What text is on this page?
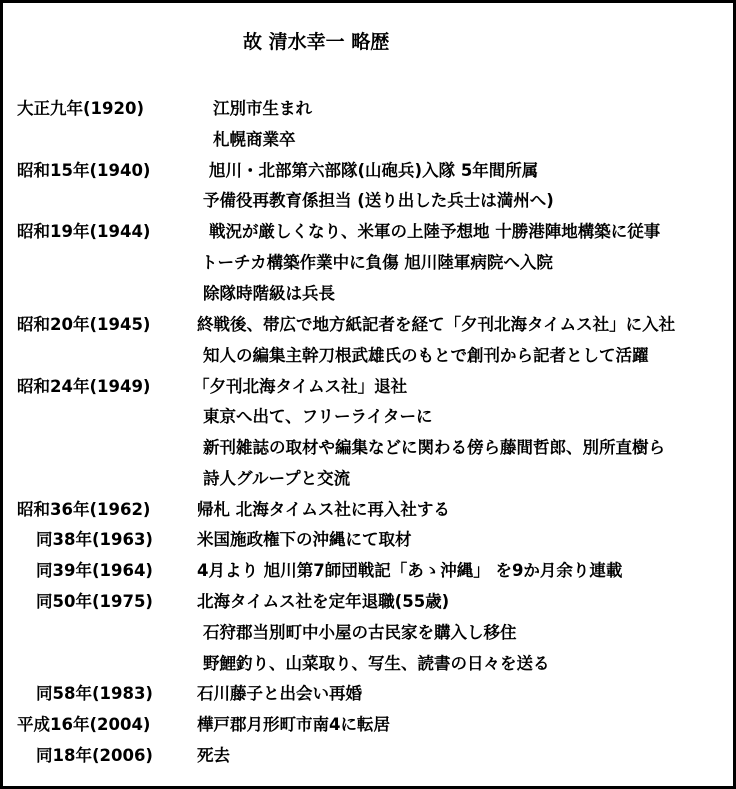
故 清水幸一 略歴
大正九年(1920)	江別市生まれ
札幌商業卒
昭和15年(1940)	旭川・北部第六部隊(山砲兵)入隊 5年間所属
予備役再教育係担当 (送り出した兵士は満州へ)
昭和19年(1944)	戦況が厳しくなり、米軍の上陸予想地 十勝港陣地構築に従事
トーチカ構築作業中に負傷 旭川陸軍病院へ入院
除隊時階級は兵長
昭和20年(1945)	終戦後、帯広で地方紙記者を経て「夕刊北海タイムス社」に入社
知人の編集主幹刀根武雄氏のもとで創刊から記者として活躍
昭和24年(1949)	「夕刊北海タイムス社」退社
東京へ出て、フリーライターに
新刊雑誌の取材や編集などに関わる傍ら藤間哲郎、別所直樹ら
詩人グループと交流
昭和36年(1962)	帰札 北海タイムス社に再入社する
同38年(1963)	米国施政権下の沖縄にて取材
同39年(1964)	4月より 旭川第7師団戦記「あゝ沖縄」 を9か月余り連載
同50年(1975)	北海タイムス社を定年退職(55歳)
石狩郡当別町中小屋の古民家を購入し移住
野鯉釣り、山菜取り、写生、読書の日々を送る
同58年(1983)	石川藤子と出会い再婚
平成16年(2004)	樺戸郡月形町市南4に転居
同18年(2006)	死去
